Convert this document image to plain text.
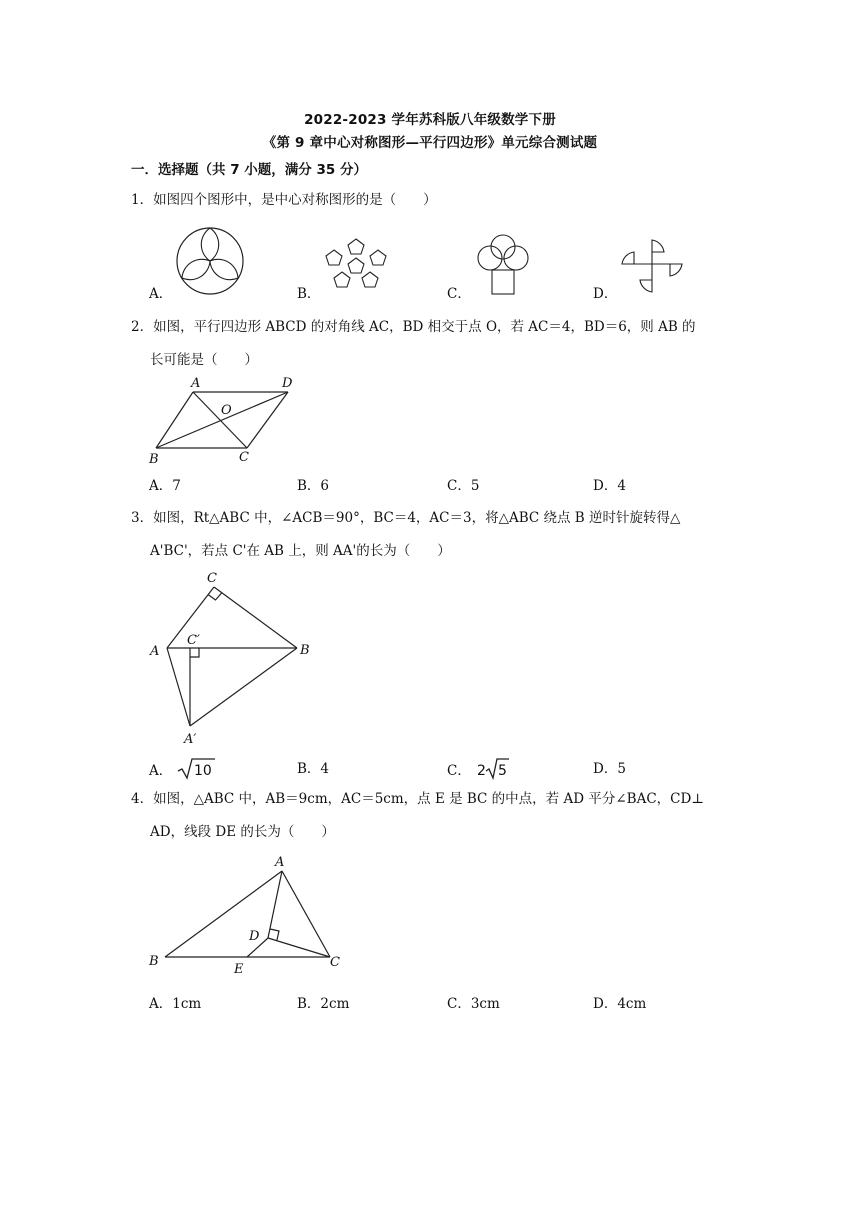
2022-2023 学年苏科版八年级数学下册
《第 9 章中心对称图形—平行四边形》单元综合测试题
一．选择题（共 7 小题，满分 35 分）
1．如图四个图形中，是中心对称图形的是（　　）
A．	B．	C．	D．
2．如图，平行四边形 ABCD 的对角线 AC，BD 相交于点 O，若 AC＝4，BD＝6，则 AB 的
长可能是（　　）
A	D
O
B	C
A．7	B．6	C．5	D．4
3．如图，Rt△ABC 中，∠ACB＝90°，BC＝4，AC＝3，将△ABC 绕点 B 逆时针旋转得△
A'BC'，若点 C'在 AB 上，则 AA'的长为（　　）
C
C′
A	B
A′
A． 10	B．4	C． 2 5	D．5
4．如图，△ABC 中，AB＝9cm，AC＝5cm，点 E 是 BC 的中点，若 AD 平分∠BAC，CD⊥
AD，线段 DE 的长为（　　）
A
D
B
E	C
A．1cm	B．2cm	C．3cm	D．4cm
